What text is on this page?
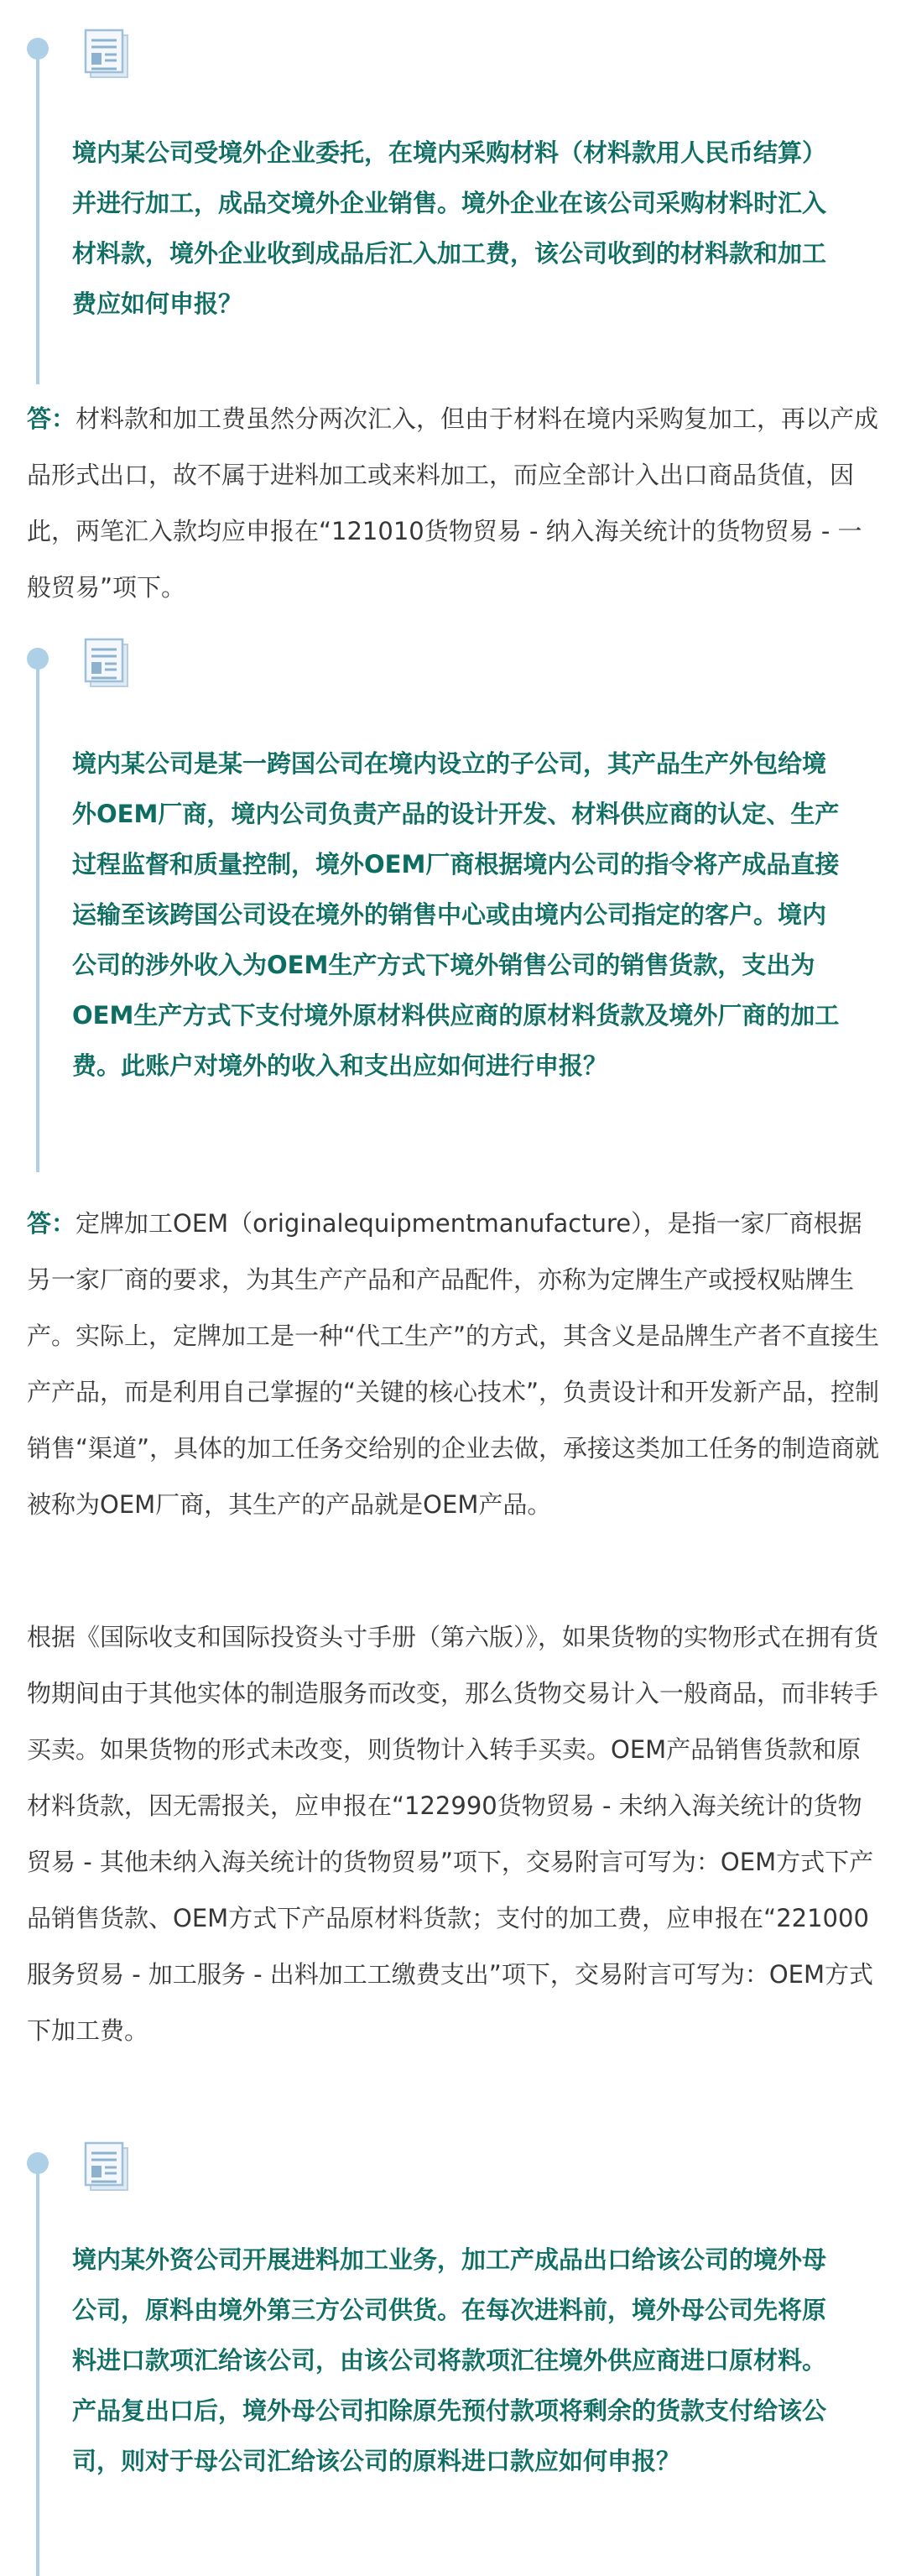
境内某公司受境外企业委托，在境内采购材料（材料款用人民币结算）并进行加工，成品交境外企业销售。境外企业在该公司采购材料时汇入材料款，境外企业收到成品后汇入加工费，该公司收到的材料款和加工费应如何申报？

答：材料款和加工费虽然分两次汇入，但由于材料在境内采购复加工，再以产成品形式出口，故不属于进料加工或来料加工，而应全部计入出口商品货值，因此，两笔汇入款均应申报在“121010货物贸易 - 纳入海关统计的货物贸易 - 一般贸易”项下。

境内某公司是某一跨国公司在境内设立的子公司，其产品生产外包给境外OEM厂商，境内公司负责产品的设计开发、材料供应商的认定、生产过程监督和质量控制，境外OEM厂商根据境内公司的指令将产成品直接运输至该跨国公司设在境外的销售中心或由境内公司指定的客户。境内公司的涉外收入为OEM生产方式下境外销售公司的销售货款，支出为OEM生产方式下支付境外原材料供应商的原材料货款及境外厂商的加工费。此账户对境外的收入和支出应如何进行申报？

答：定牌加工OEM（originalequipmentmanufacture），是指一家厂商根据另一家厂商的要求，为其生产产品和产品配件，亦称为定牌生产或授权贴牌生产。实际上，定牌加工是一种“代工生产”的方式，其含义是品牌生产者不直接生产产品，而是利用自己掌握的“关键的核心技术”，负责设计和开发新产品，控制销售“渠道”，具体的加工任务交给别的企业去做，承接这类加工任务的制造商就被称为OEM厂商，其生产的产品就是OEM产品。

根据《国际收支和国际投资头寸手册（第六版）》，如果货物的实物形式在拥有货物期间由于其他实体的制造服务而改变，那么货物交易计入一般商品，而非转手买卖。如果货物的形式未改变，则货物计入转手买卖。OEM产品销售货款和原材料货款，因无需报关，应申报在“122990货物贸易 - 未纳入海关统计的货物贸易 - 其他未纳入海关统计的货物贸易”项下，交易附言可写为：OEM方式下产品销售货款、OEM方式下产品原材料货款；支付的加工费，应申报在“221000服务贸易 - 加工服务 - 出料加工工缴费支出”项下，交易附言可写为：OEM方式下加工费。

境内某外资公司开展进料加工业务，加工产成品出口给该公司的境外母公司，原料由境外第三方公司供货。在每次进料前，境外母公司先将原料进口款项汇给该公司，由该公司将款项汇往境外供应商进口原材料。产品复出口后，境外母公司扣除原先预付款项将剩余的货款支付给该公司，则对于母公司汇给该公司的原料进口款应如何申报？
